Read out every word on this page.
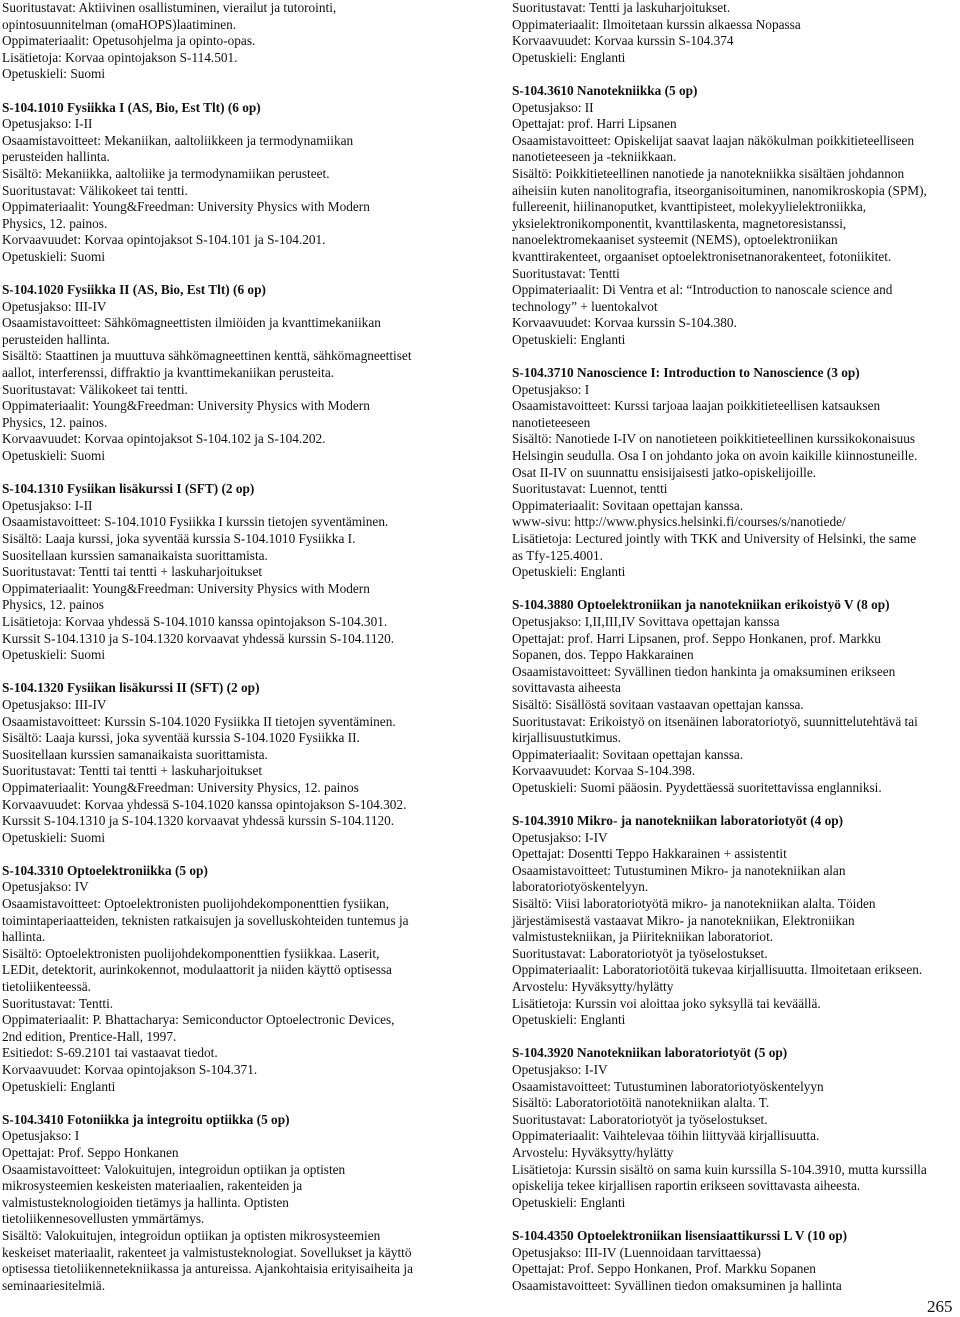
Suoritustavat: Aktiivinen osallistuminen, vierailut ja tutorointi,
opintosuunnitelman (omaHOPS)laatiminen.
Oppimateriaalit: Opetusohjelma ja opinto-opas.
Lisätietoja: Korvaa opintojakson S-114.501.
Opetuskieli: Suomi
S-104.1010 Fysiikka I (AS, Bio, Est Tlt) (6 op)
Opetusjakso: I-II
Osaamistavoitteet: Mekaniikan, aaltoliikkeen ja termodynamiikan
perusteiden hallinta.
Sisältö: Mekaniikka, aaltoliike ja termodynamiikan perusteet.
Suoritustavat: Välikokeet tai tentti.
Oppimateriaalit: Young&Freedman: University Physics with Modern
Physics, 12. painos.
Korvaavuudet: Korvaa opintojaksot S-104.101 ja S-104.201.
Opetuskieli: Suomi
S-104.1020 Fysiikka II (AS, Bio, Est Tlt) (6 op)
Opetusjakso: III-IV
Osaamistavoitteet: Sähkömagneettisten ilmiöiden ja kvanttimekaniikan
perusteiden hallinta.
Sisältö: Staattinen ja muuttuva sähkömagneettinen kenttä, sähkömagneettiset
aallot, interferenssi, diffraktio ja kvanttimekaniikan perusteita.
Suoritustavat: Välikokeet tai tentti.
Oppimateriaalit: Young&Freedman: University Physics with Modern
Physics, 12. painos.
Korvaavuudet: Korvaa opintojaksot S-104.102 ja S-104.202.
Opetuskieli: Suomi
S-104.1310 Fysiikan lisäkurssi I (SFT) (2 op)
Opetusjakso: I-II
Osaamistavoitteet: S-104.1010 Fysiikka I kurssin tietojen syventäminen.
Sisältö: Laaja kurssi, joka syventää kurssia S-104.1010 Fysiikka I.
Suositellaan kurssien samanaikaista suorittamista.
Suoritustavat: Tentti tai tentti + laskuharjoitukset
Oppimateriaalit: Young&Freedman: University Physics with Modern
Physics, 12. painos
Lisätietoja: Korvaa yhdessä S-104.1010 kanssa opintojakson S-104.301.
Kurssit S-104.1310 ja S-104.1320 korvaavat yhdessä kurssin S-104.1120.
Opetuskieli: Suomi
S-104.1320 Fysiikan lisäkurssi II (SFT) (2 op)
Opetusjakso: III-IV
Osaamistavoitteet: Kurssin S-104.1020 Fysiikka II tietojen syventäminen.
Sisältö: Laaja kurssi, joka syventää kurssia S-104.1020 Fysiikka II.
Suositellaan kurssien samanaikaista suorittamista.
Suoritustavat: Tentti tai tentti + laskuharjoitukset
Oppimateriaalit: Young&Freedman: University Physics, 12. painos
Korvaavuudet: Korvaa yhdessä S-104.1020 kanssa opintojakson S-104.302.
Kurssit S-104.1310 ja S-104.1320 korvaavat yhdessä kurssin S-104.1120.
Opetuskieli: Suomi
S-104.3310 Optoelektroniikka (5 op)
Opetusjakso: IV
Osaamistavoitteet: Optoelektronisten puolijohdekomponenttien fysiikan,
toimintaperiaatteiden, teknisten ratkaisujen ja sovelluskohteiden tuntemus ja
hallinta.
Sisältö: Optoelektronisten puolijohdekomponenttien fysiikkaa. Laserit,
LEDit, detektorit, aurinkokennot, modulaattorit ja niiden käyttö optisessa
tietoliikenteessä.
Suoritustavat: Tentti.
Oppimateriaalit: P. Bhattacharya: Semiconductor Optoelectronic Devices,
2nd edition, Prentice-Hall, 1997.
Esitiedot: S-69.2101 tai vastaavat tiedot.
Korvaavuudet: Korvaa opintojakson S-104.371.
Opetuskieli: Englanti
S-104.3410 Fotoniikka ja integroitu optiikka (5 op)
Opetusjakso: I
Opettajat: Prof. Seppo Honkanen
Osaamistavoitteet: Valokuitujen, integroidun optiikan ja optisten
mikrosysteemien keskeisten materiaalien, rakenteiden ja
valmistusteknologioiden tietämys ja hallinta. Optisten
tietoliikennesovellusten ymmärtämys.
Sisältö: Valokuitujen, integroidun optiikan ja optisten mikrosysteemien
keskeiset materiaalit, rakenteet ja valmistusteknologiat. Sovellukset ja käyttö
optisessa tietoliikennetekniikassa ja antureissa. Ajankohtaisia erityisaiheita ja
seminaariesitelmiä.
Suoritustavat: Tentti ja laskuharjoitukset.
Oppimateriaalit: Ilmoitetaan kurssin alkaessa Nopassa
Korvaavuudet: Korvaa kurssin S-104.374
Opetuskieli: Englanti
S-104.3610 Nanotekniikka (5 op)
Opetusjakso: II
Opettajat: prof. Harri Lipsanen
Osaamistavoitteet: Opiskelijat saavat laajan näkökulman poikkitieteelliseen
nanotieteeseen ja -tekniikkaan.
Sisältö: Poikkitieteellinen nanotiede ja nanotekniikka sisältäen johdannon
aiheisiin kuten nanolitografia, itseorganisoituminen, nanomikroskopia (SPM),
fullereenit, hiilinanoputket, kvanttipisteet, molekyylielektroniikka,
yksielektronikomponentit, kvanttilaskenta, magnetoresistanssi,
nanoelektromekaaniset systeemit (NEMS), optoelektroniikan
kvanttirakenteet, orgaaniset optoelektronisetnanorakenteet, fotoniikitet.
Suoritustavat: Tentti
Oppimateriaalit: Di Ventra et al: “Introduction to nanoscale science and
technology” + luentokalvot
Korvaavuudet: Korvaa kurssin S-104.380.
Opetuskieli: Englanti
S-104.3710 Nanoscience I: Introduction to Nanoscience (3 op)
Opetusjakso: I
Osaamistavoitteet: Kurssi tarjoaa laajan poikkitieteellisen katsauksen
nanotieteeseen
Sisältö: Nanotiede I-IV on nanotieteen poikkitieteellinen kurssikokonaisuus
Helsingin seudulla. Osa I on johdanto joka on avoin kaikille kiinnostuneille.
Osat II-IV on suunnattu ensisijaisesti jatko-opiskelijoille.
Suoritustavat: Luennot, tentti
Oppimateriaalit: Sovitaan opettajan kanssa.
www-sivu: http://www.physics.helsinki.fi/courses/s/nanotiede/
Lisätietoja: Lectured jointly with TKK and University of Helsinki, the same
as Tfy-125.4001.
Opetuskieli: Englanti
S-104.3880 Optoelektroniikan ja nanotekniikan erikoistyö V (8 op)
Opetusjakso: I,II,III,IV Sovittava opettajan kanssa
Opettajat: prof. Harri Lipsanen, prof. Seppo Honkanen, prof. Markku
Sopanen, dos. Teppo Hakkarainen
Osaamistavoitteet: Syvällinen tiedon hankinta ja omaksuminen erikseen
sovittavasta aiheesta
Sisältö: Sisällöstä sovitaan vastaavan opettajan kanssa.
Suoritustavat: Erikoistyö on itsenäinen laboratoriotyö, suunnittelutehtävä tai
kirjallisuustutkimus.
Oppimateriaalit: Sovitaan opettajan kanssa.
Korvaavuudet: Korvaa S-104.398.
Opetuskieli: Suomi pääosin. Pyydettäessä suoritettavissa englanniksi.
S-104.3910 Mikro- ja nanotekniikan laboratoriotyöt (4 op)
Opetusjakso: I-IV
Opettajat: Dosentti Teppo Hakkarainen + assistentit
Osaamistavoitteet: Tutustuminen Mikro- ja nanotekniikan alan
laboratoriotyöskentelyyn.
Sisältö: Viisi laboratoriotyötä mikro- ja nanotekniikan alalta. Töiden
järjestämisestä vastaavat Mikro- ja nanotekniikan, Elektroniikan
valmistustekniikan, ja Piiritekniikan laboratoriot.
Suoritustavat: Laboratoriotyöt ja työselostukset.
Oppimateriaalit: Laboratoriotöitä tukevaa kirjallisuutta. Ilmoitetaan erikseen.
Arvostelu: Hyväksytty/hylätty
Lisätietoja: Kurssin voi aloittaa joko syksyllä tai keväällä.
Opetuskieli: Englanti
S-104.3920 Nanotekniikan laboratoriotyöt (5 op)
Opetusjakso: I-IV
Osaamistavoitteet: Tutustuminen laboratoriotyöskentelyyn
Sisältö: Laboratoriotöitä nanotekniikan alalta. T.
Suoritustavat: Laboratoriotyöt ja työselostukset.
Oppimateriaalit: Vaihtelevaa töihin liittyvää kirjallisuutta.
Arvostelu: Hyväksytty/hylätty
Lisätietoja: Kurssin sisältö on sama kuin kurssilla S-104.3910, mutta kurssilla
opiskelija tekee kirjallisen raportin erikseen sovittavasta aiheesta.
Opetuskieli: Englanti
S-104.4350 Optoelektroniikan lisensiaattikurssi L V (10 op)
Opetusjakso: III-IV (Luennoidaan tarvittaessa)
Opettajat: Prof. Seppo Honkanen, Prof. Markku Sopanen
Osaamistavoitteet: Syvällinen tiedon omaksuminen ja hallinta
265
